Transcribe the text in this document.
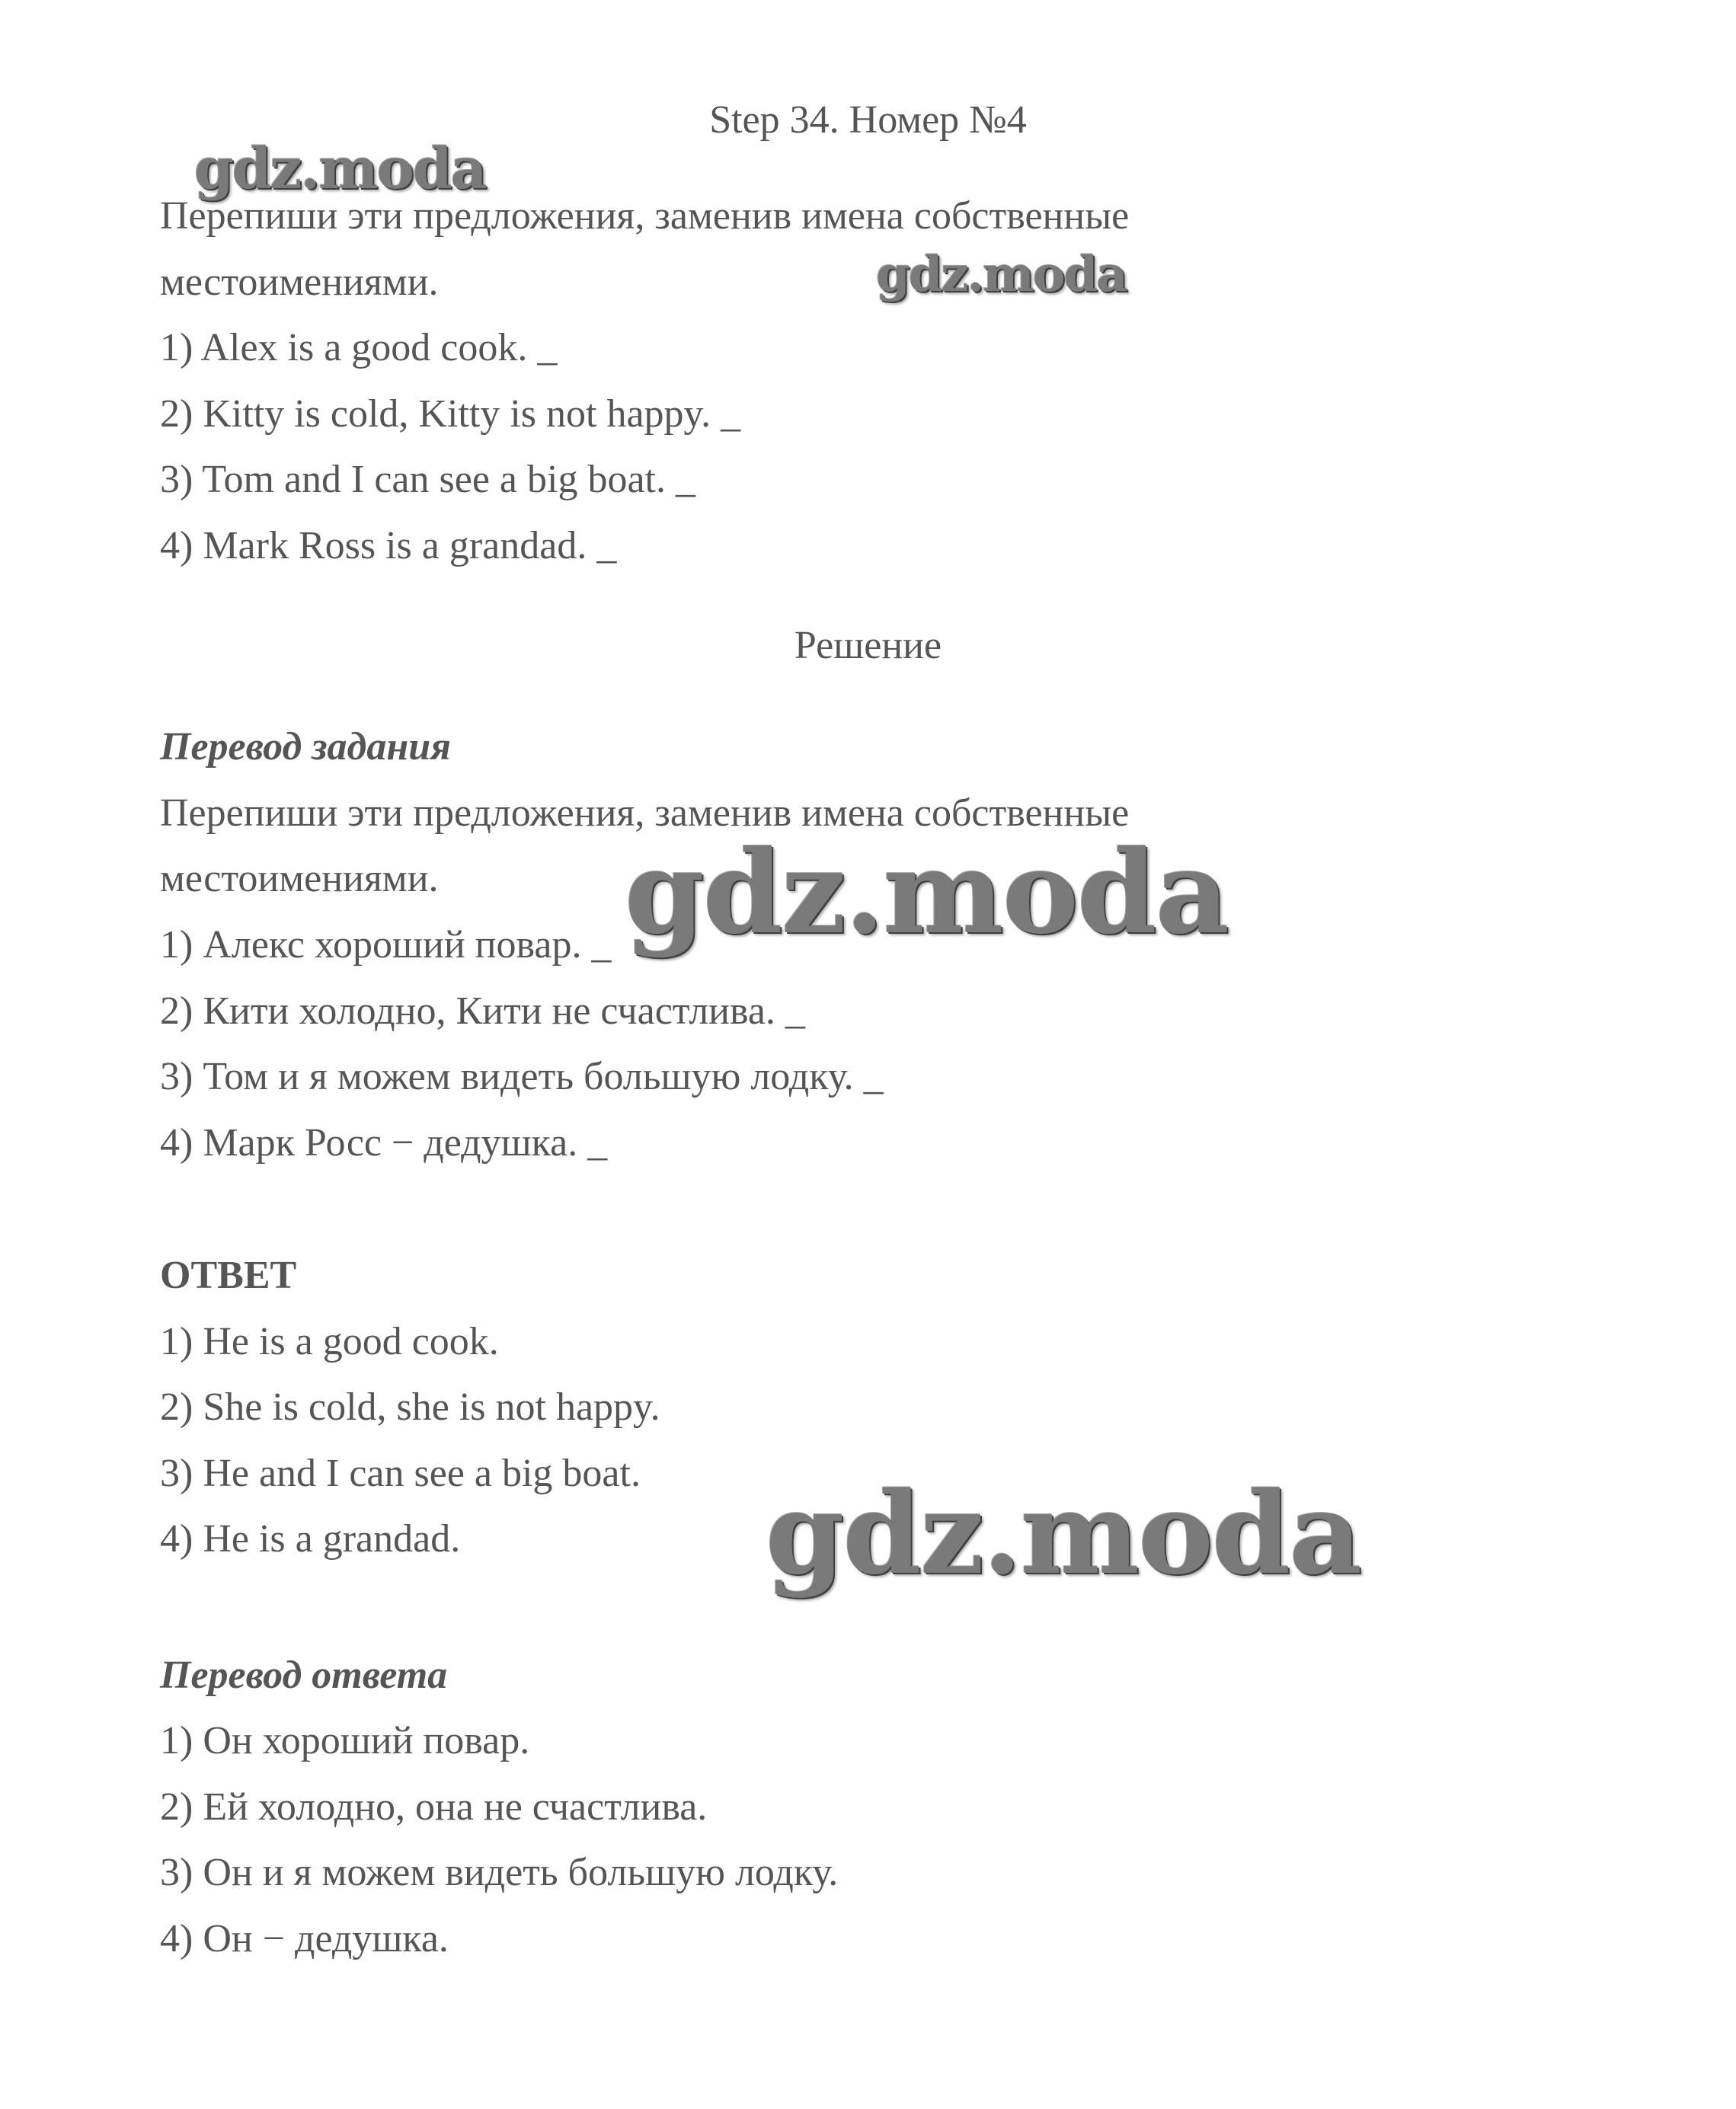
Step 34. Номер №4
Перепиши эти предложения, заменив имена собственные
местоимениями.
1) Alex is a good cook. _
2) Kitty is cold, Kitty is not happy. _
3) Tom and I can see a big boat. _
4) Mark Ross is a grandad. _
Решение
Перевод задания
Перепиши эти предложения, заменив имена собственные
местоимениями.
1) Алекс хороший повар. _
2) Кити холодно, Кити не счастлива. _
3) Том и я можем видеть большую лодку. _
4) Марк Росс − дедушка. _
ОТВЕТ
1) He is a good cook.
2) She is cold, she is not happy.
3) He and I can see a big boat.
4) He is a grandad.
Перевод ответа
1) Он хороший повар.
2) Ей холодно, она не счастлива.
3) Он и я можем видеть большую лодку.
4) Он − дедушка.
gdz.moda
gdz.moda
gdz.moda
gdz.moda
